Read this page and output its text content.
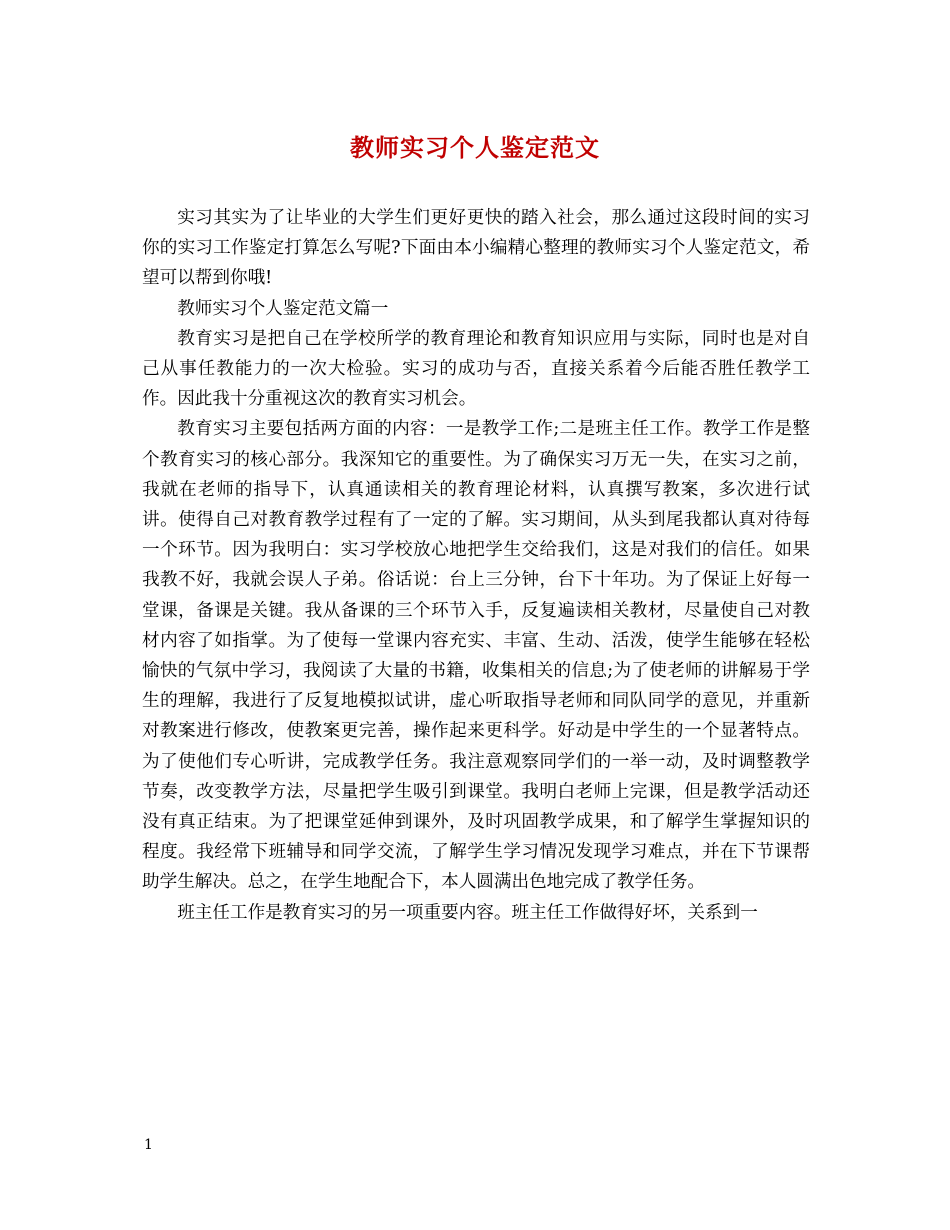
教师实习个人鉴定范文

实习其实为了让毕业的大学生们更好更快的踏入社会，那么通过这段时间的实习你的实习工作鉴定打算怎么写呢?下面由本小编精心整理的教师实习个人鉴定范文，希望可以帮到你哦!

教师实习个人鉴定范文篇一

教育实习是把自己在学校所学的教育理论和教育知识应用与实际，同时也是对自己从事任教能力的一次大检验。实习的成功与否，直接关系着今后能否胜任教学工作。因此我十分重视这次的教育实习机会。

教育实习主要包括两方面的内容：一是教学工作;二是班主任工作。教学工作是整个教育实习的核心部分。我深知它的重要性。为了确保实习万无一失，在实习之前，我就在老师的指导下，认真通读相关的教育理论材料，认真撰写教案，多次进行试讲。使得自己对教育教学过程有了一定的了解。实习期间，从头到尾我都认真对待每一个环节。因为我明白：实习学校放心地把学生交给我们，这是对我们的信任。如果我教不好，我就会误人子弟。俗话说：台上三分钟，台下十年功。为了保证上好每一堂课，备课是关键。我从备课的三个环节入手，反复遍读相关教材，尽量使自己对教材内容了如指掌。为了使每一堂课内容充实、丰富、生动、活泼，使学生能够在轻松愉快的气氛中学习，我阅读了大量的书籍，收集相关的信息;为了使老师的讲解易于学生的理解，我进行了反复地模拟试讲，虚心听取指导老师和同队同学的意见，并重新对教案进行修改，使教案更完善，操作起来更科学。好动是中学生的一个显著特点。为了使他们专心听讲，完成教学任务。我注意观察同学们的一举一动，及时调整教学节奏，改变教学方法，尽量把学生吸引到课堂。我明白老师上完课，但是教学活动还没有真正结束。为了把课堂延伸到课外，及时巩固教学成果，和了解学生掌握知识的程度。我经常下班辅导和同学交流，了解学生学习情况发现学习难点，并在下节课帮助学生解决。总之，在学生地配合下，本人圆满出色地完成了教学任务。

班主任工作是教育实习的另一项重要内容。班主任工作做得好坏，关系到一

1
